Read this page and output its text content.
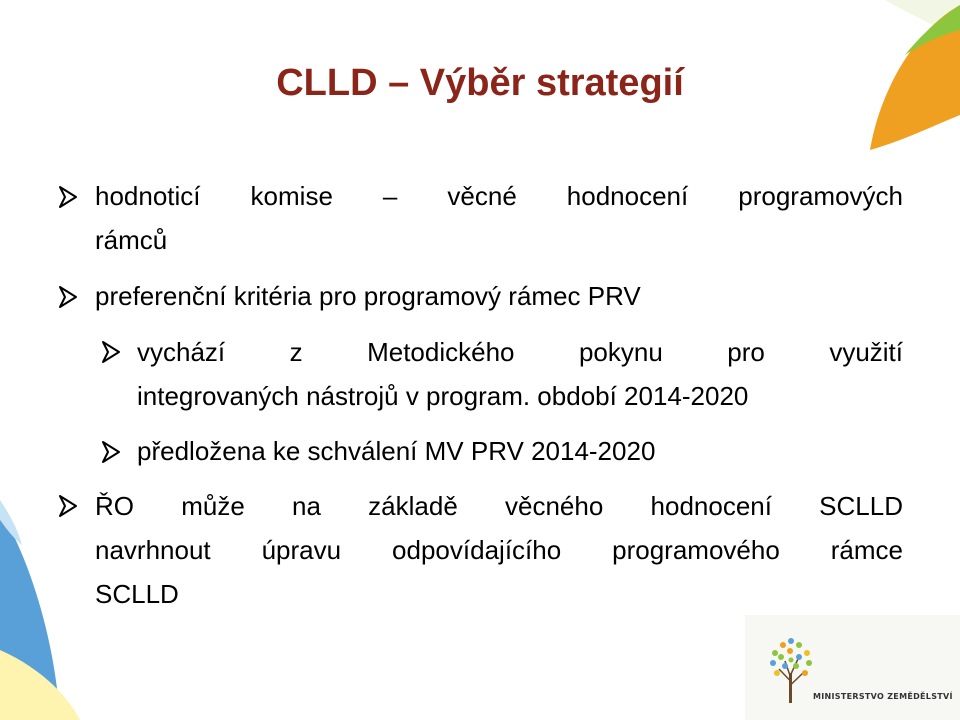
CLLD – Výběr strategií
hodnoticí komise – věcné hodnocení programových
rámců
preferenční kritéria pro programový rámec PRV
vychází z Metodického pokynu pro využití
integrovaných nástrojů v program. období 2014-2020
předložena ke schválení MV PRV 2014-2020
ŘO může na základě věcného hodnocení SCLLD
navrhnout úpravu odpovídajícího programového rámce
SCLLD
MINISTERSTVO ZEMĚDĚLSTVÍ
